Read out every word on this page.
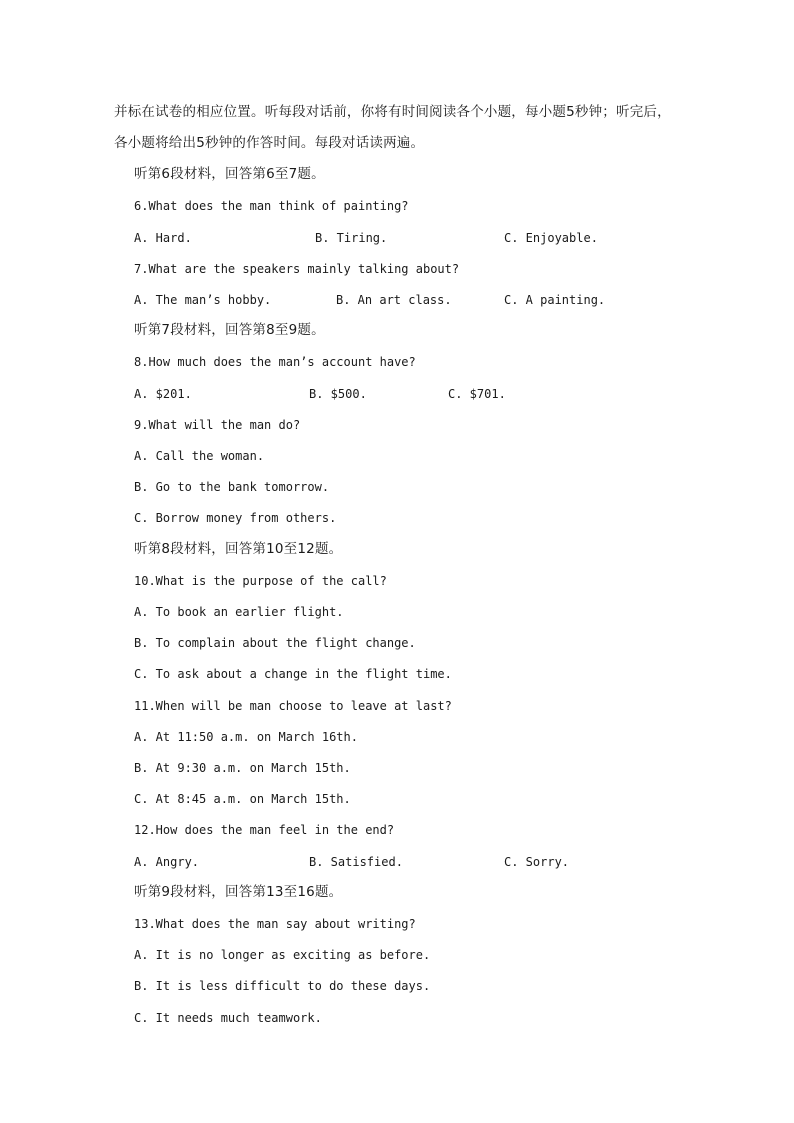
并标在试卷的相应位置。听每段对话前，你将有时间阅读各个小题，每小题5秒钟；听完后，
各小题将给出5秒钟的作答时间。每段对话读两遍。
听第6段材料，回答第6至7题。
6.What does the man think of painting?
A. Hard.	B. Tiring.	C. Enjoyable.
7.What are the speakers mainly talking about?
A. The man’s hobby.	B. An art class.	C. A painting.
听第7段材料，回答第8至9题。
8.How much does the man’s account have?
A. $201.	B. $500.	C. $701.
9.What will the man do?
A. Call the woman.
B. Go to the bank tomorrow.
C. Borrow money from others.
听第8段材料，回答第10至12题。
10.What is the purpose of the call?
A. To book an earlier flight.
B. To complain about the flight change.
C. To ask about a change in the flight time.
11.When will be man choose to leave at last?
A. At 11:50 a.m. on March 16th.
B. At 9:30 a.m. on March 15th.
C. At 8:45 a.m. on March 15th.
12.How does the man feel in the end?
A. Angry.	B. Satisfied.	C. Sorry.
听第9段材料，回答第13至16题。
13.What does the man say about writing?
A. It is no longer as exciting as before.
B. It is less difficult to do these days.
C. It needs much teamwork.
